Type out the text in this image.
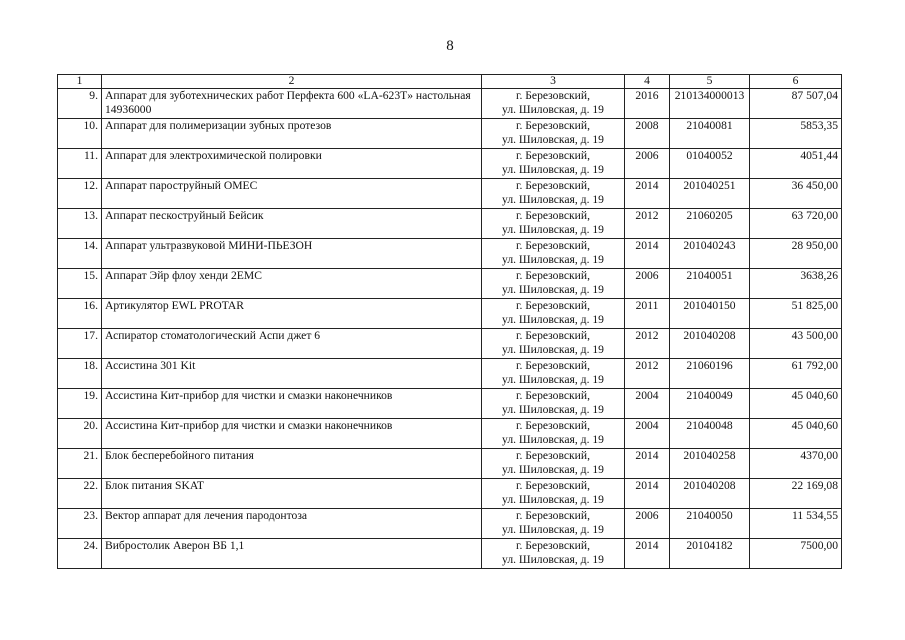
8
1	2	3	4	5	6
9.	Аппарат для зуботехнических работ Перфекта 600 «LA-623T» настольная 14936000	г. Березовский,
ул. Шиловская, д. 19	2016	210134000013	87 507,04
10.	Аппарат для полимеризации зубных протезов	г. Березовский,
ул. Шиловская, д. 19	2008	21040081	5853,35
11.	Аппарат для электрохимической полировки	г. Березовский,
ул. Шиловская, д. 19	2006	01040052	4051,44
12.	Аппарат пароструйный ОМЕС	г. Березовский,
ул. Шиловская, д. 19	2014	201040251	36 450,00
13.	Аппарат пескоструйный Бейсик	г. Березовский,
ул. Шиловская, д. 19	2012	21060205	63 720,00
14.	Аппарат ультразвуковой МИНИ-ПЬЕЗОН	г. Березовский,
ул. Шиловская, д. 19	2014	201040243	28 950,00
15.	Аппарат Эйр флоу хенди 2ЕМС	г. Березовский,
ул. Шиловская, д. 19	2006	21040051	3638,26
16.	Артикулятор EWL PROTAR	г. Березовский,
ул. Шиловская, д. 19	2011	201040150	51 825,00
17.	Аспиратор стоматологический Аспи джет 6	г. Березовский,
ул. Шиловская, д. 19	2012	201040208	43 500,00
18.	Ассистина 301 Kit	г. Березовский,
ул. Шиловская, д. 19	2012	21060196	61 792,00
19.	Ассистина Кит-прибор для чистки и смазки наконечников	г. Березовский,
ул. Шиловская, д. 19	2004	21040049	45 040,60
20.	Ассистина Кит-прибор для чистки и смазки наконечников	г. Березовский,
ул. Шиловская, д. 19	2004	21040048	45 040,60
21.	Блок бесперебойного питания	г. Березовский,
ул. Шиловская, д. 19	2014	201040258	4370,00
22.	Блок питания SKAT	г. Березовский,
ул. Шиловская, д. 19	2014	201040208	22 169,08
23.	Вектор аппарат для лечения пародонтоза	г. Березовский,
ул. Шиловская, д. 19	2006	21040050	11 534,55
24.	Вибростолик Аверон ВБ 1,1	г. Березовский,
ул. Шиловская, д. 19	2014	20104182	7500,00
